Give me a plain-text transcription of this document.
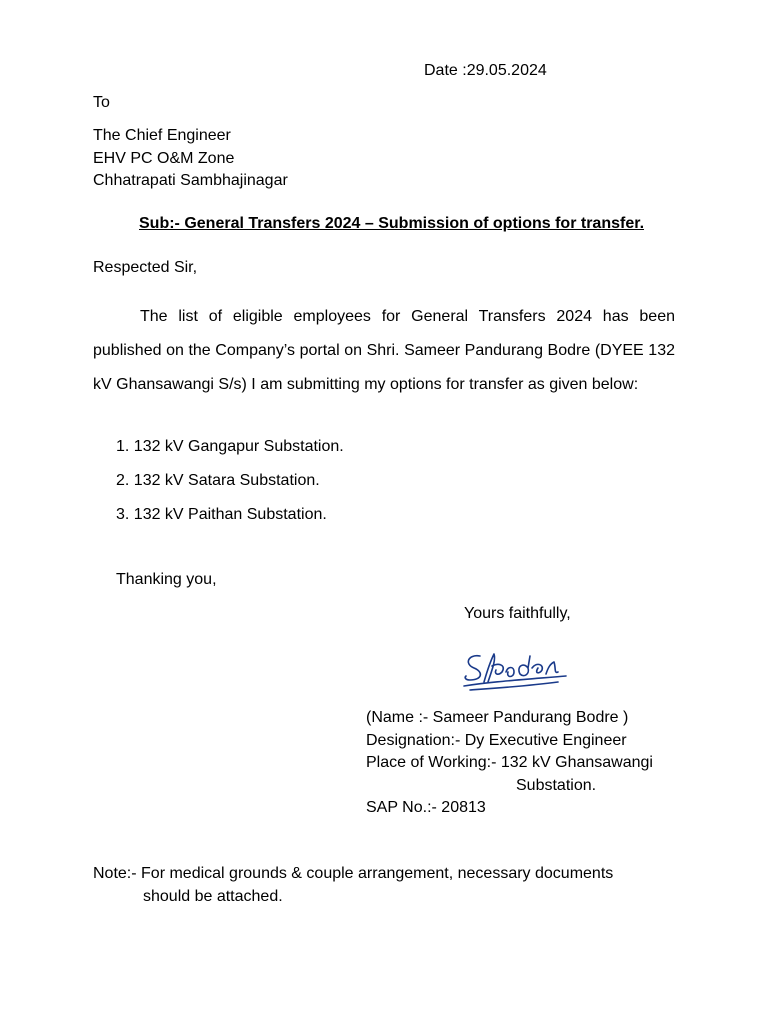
Date :29.05.2024
To
The Chief Engineer
EHV PC O&M Zone
Chhatrapati Sambhajinagar
Sub:- General Transfers 2024 – Submission of options for transfer.
Respected Sir,
The list of eligible employees for General Transfers 2024 has been published on the Company’s portal on Shri. Sameer Pandurang Bodre (DYEE 132 kV Ghansawangi S/s) I am submitting my options for transfer as given below:
1. 132 kV Gangapur Substation.
2. 132 kV Satara Substation.
3. 132 kV Paithan Substation.
Thanking you,
Yours faithfully,
(Name :- Sameer Pandurang Bodre )
Designation:- Dy Executive Engineer
Place of Working:- 132 kV Ghansawangi
Substation.
SAP No.:- 20813
Note:- For medical grounds & couple arrangement, necessary documents
should be attached.
